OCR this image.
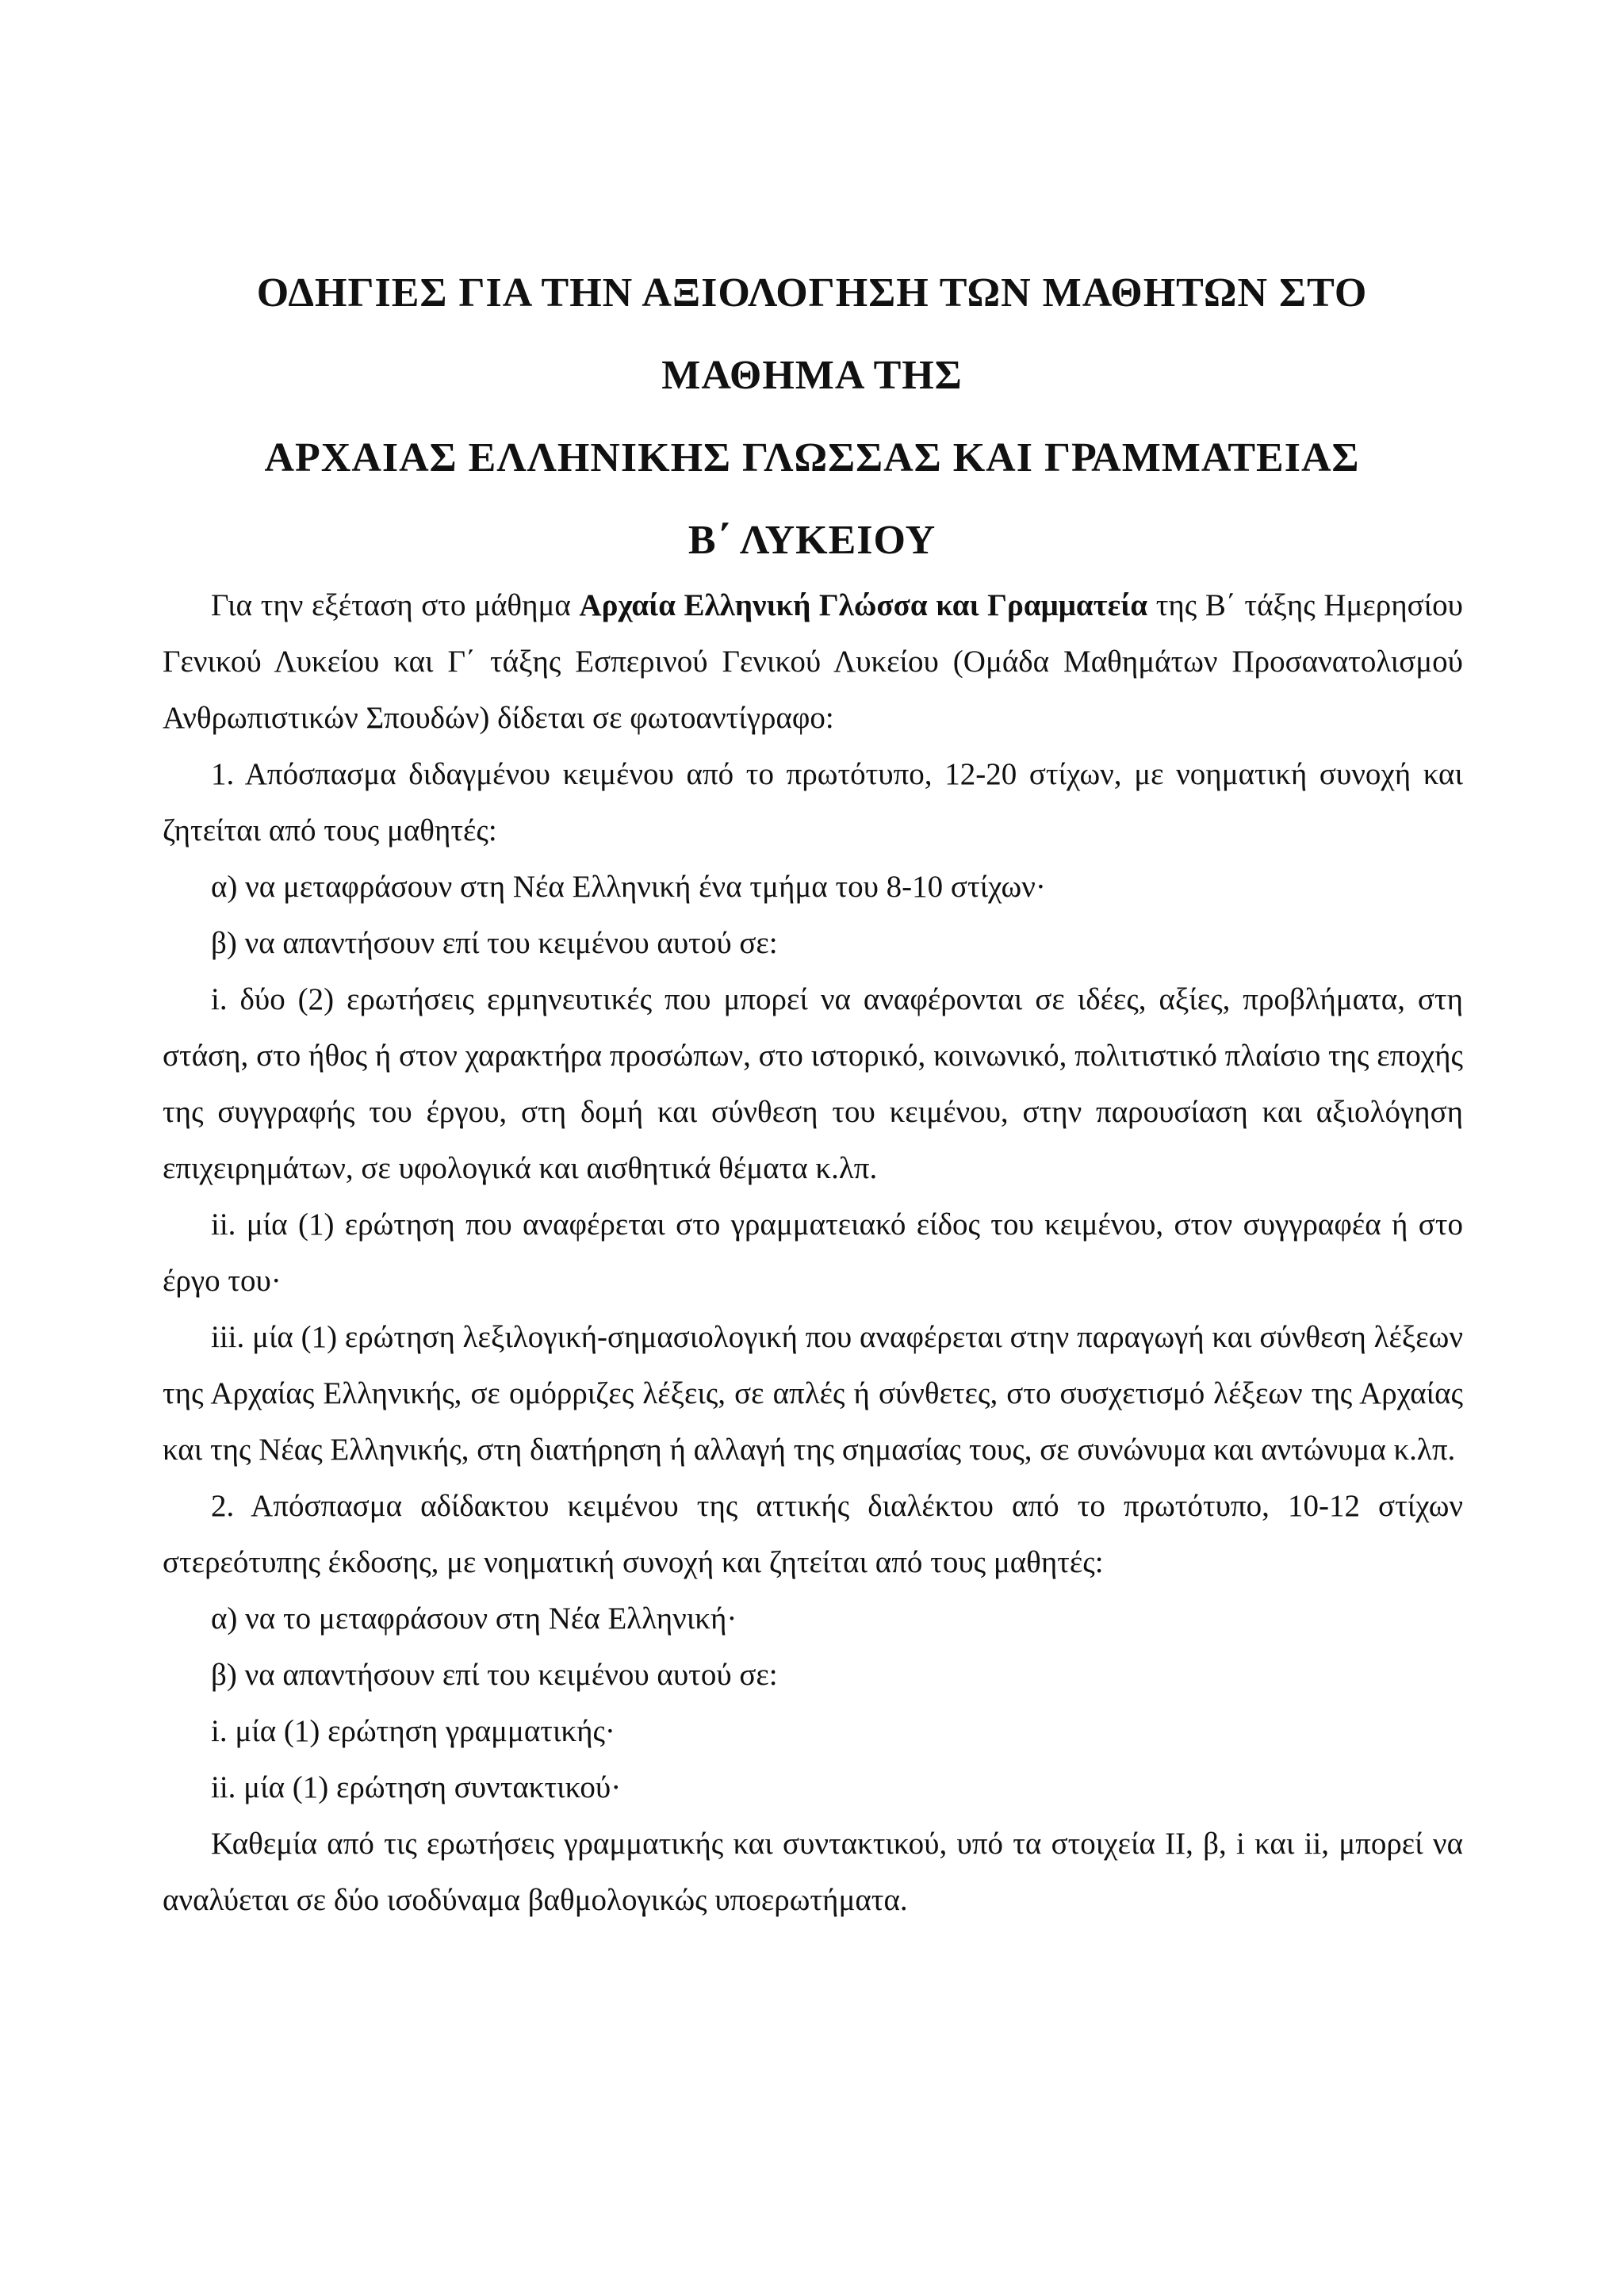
ΟΔΗΓΙΕΣ ΓΙΑ ΤΗΝ ΑΞΙΟΛΟΓΗΣΗ ΤΩΝ ΜΑΘΗΤΩΝ ΣΤΟ
ΜΑΘΗΜΑ ΤΗΣ
ΑΡΧΑΙΑΣ ΕΛΛΗΝΙΚΗΣ ΓΛΩΣΣΑΣ ΚΑΙ ΓΡΑΜΜΑΤΕΙΑΣ
Β΄ ΛΥΚΕΙΟΥ

Για την εξέταση στο μάθημα Αρχαία Ελληνική Γλώσσα και Γραμματεία της Β΄ τάξης Ημερησίου Γενικού Λυκείου και Γ΄ τάξης Εσπερινού Γενικού Λυκείου (Ομάδα Μαθημάτων Προσανατολισμού Ανθρωπιστικών Σπουδών) δίδεται σε φωτοαντίγραφο:

1. Απόσπασμα διδαγμένου κειμένου από το πρωτότυπο, 12-20 στίχων, με νοηματική συνοχή και ζητείται από τους μαθητές:

α) να μεταφράσουν στη Νέα Ελληνική ένα τμήμα του 8-10 στίχων·

β) να απαντήσουν επί του κειμένου αυτού σε:

i. δύο (2) ερωτήσεις ερμηνευτικές που μπορεί να αναφέρονται σε ιδέες, αξίες, προβλήματα, στη στάση, στο ήθος ή στον χαρακτήρα προσώπων, στο ιστορικό, κοινωνικό, πολιτιστικό πλαίσιο της εποχής της συγγραφής του έργου, στη δομή και σύνθεση του κειμένου, στην παρουσίαση και αξιολόγηση επιχειρημάτων, σε υφολογικά και αισθητικά θέματα κ.λπ.

ii. μία (1) ερώτηση που αναφέρεται στο γραμματειακό είδος του κειμένου, στον συγγραφέα ή στο έργο του·

iii. μία (1) ερώτηση λεξιλογική-σημασιολογική που αναφέρεται στην παραγωγή και σύνθεση λέξεων της Αρχαίας Ελληνικής, σε ομόρριζες λέξεις, σε απλές ή σύνθετες, στο συσχετισμό λέξεων της Αρχαίας και της Νέας Ελληνικής, στη διατήρηση ή αλλαγή της σημασίας τους, σε συνώνυμα και αντώνυμα κ.λπ.

2. Απόσπασμα αδίδακτου κειμένου της αττικής διαλέκτου από το πρωτότυπο, 10-12 στίχων στερεότυπης έκδοσης, με νοηματική συνοχή και ζητείται από τους μαθητές:

α) να το μεταφράσουν στη Νέα Ελληνική·

β) να απαντήσουν επί του κειμένου αυτού σε:

i. μία (1) ερώτηση γραμματικής·

ii. μία (1) ερώτηση συντακτικού·

Καθεμία από τις ερωτήσεις γραμματικής και συντακτικού, υπό τα στοιχεία II, β, i και ii, μπορεί να αναλύεται σε δύο ισοδύναμα βαθμολογικώς υποερωτήματα.
